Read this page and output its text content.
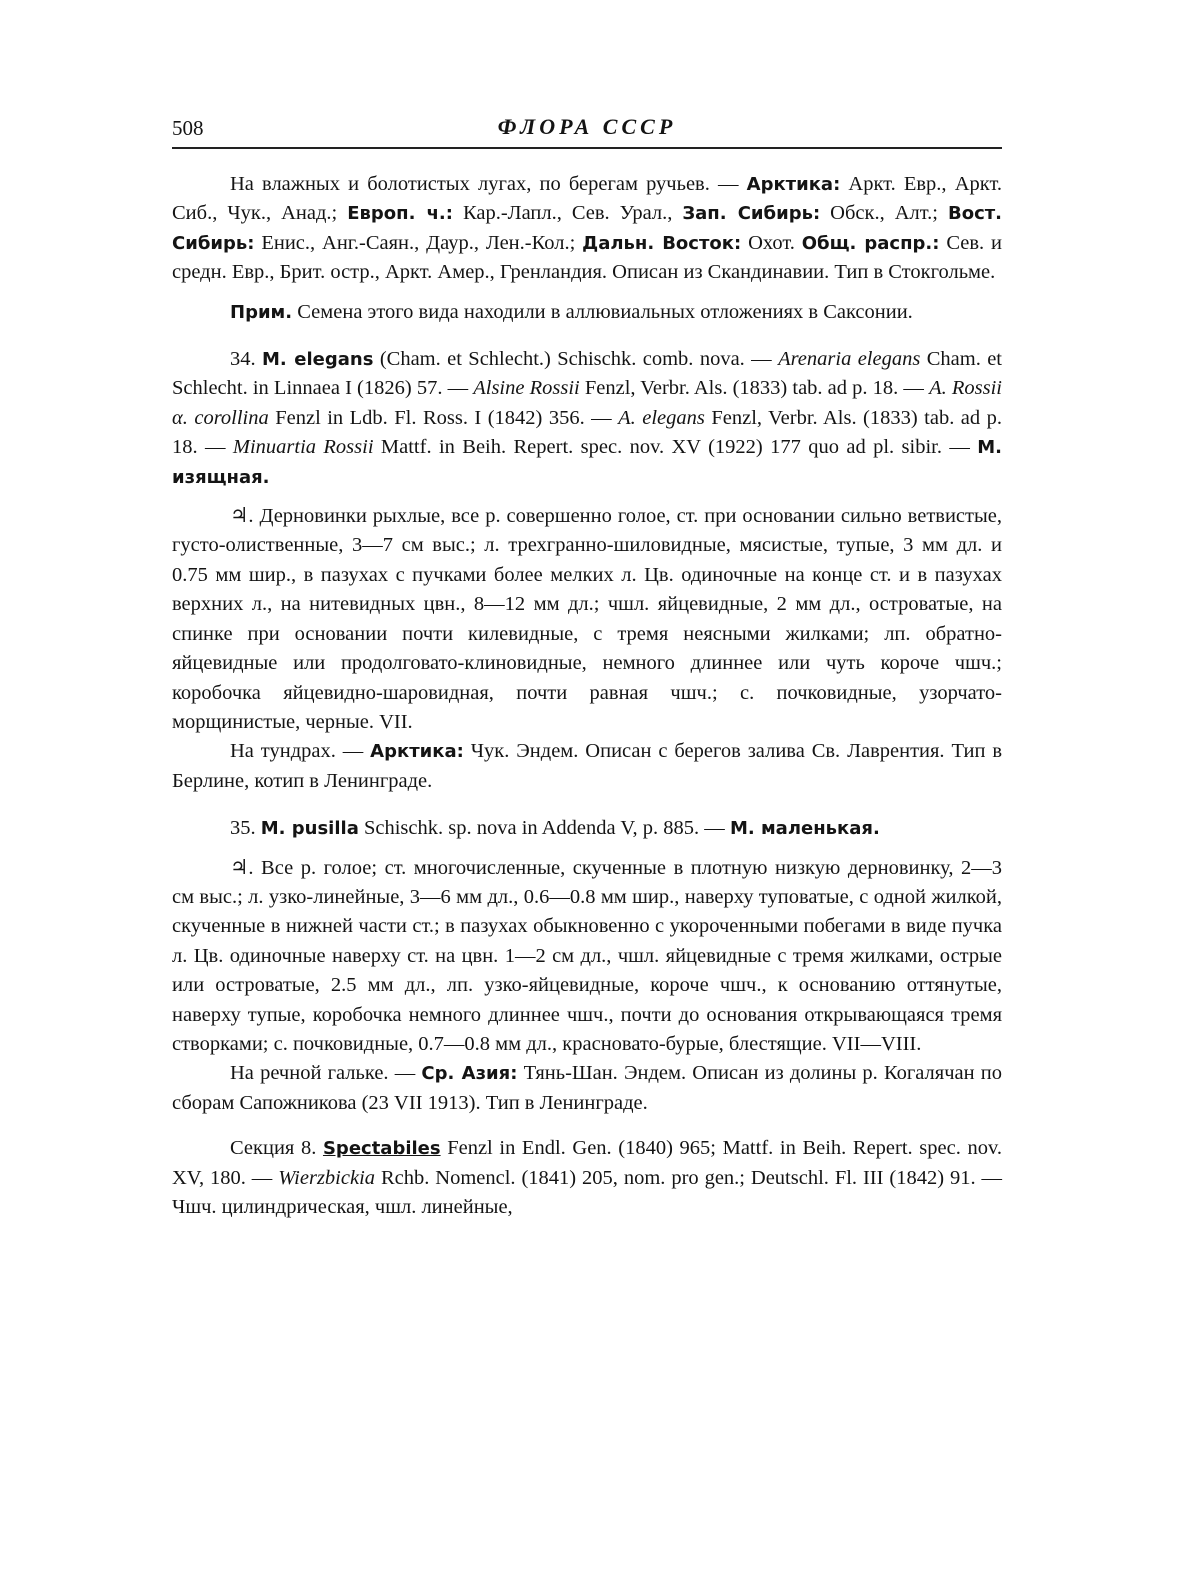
508	ФЛОРА СССР

На влажных и болотистых лугах, по берегам ручьев. — Арктика: Аркт. Евр., Аркт. Сиб., Чук., Анад.; Европ. ч.: Кар.-Лапл., Сев. Урал., Зап. Сибирь: Обск., Алт.; Вост. Сибирь: Енис., Анг.-Саян., Даур., Лен.-Кол.; Дальн. Восток: Охот. Общ. распр.: Сев. и средн. Евр., Брит. остр., Аркт. Амер., Гренландия. Описан из Скандинавии. Тип в Стокгольме.

Прим. Семена этого вида находили в аллювиальных отложениях в Саксонии.

34. M. elegans (Cham. et Schlecht.) Schischk. comb. nova. — Arenaria elegans Cham. et Schlecht. in Linnaea I (1826) 57. — Alsine Rossii Fenzl, Verbr. Als. (1833) tab. ad p. 18. — A. Rossii α. corollina Fenzl in Ldb. Fl. Ross. I (1842) 356. — A. elegans Fenzl, Verbr. Als. (1833) tab. ad p. 18. — Minuartia Rossii Mattf. in Beih. Repert. spec. nov. XV (1922) 177 quo ad pl. sibir. — M. изящная.

♃. Дерновинки рыхлые, все р. совершенно голое, ст. при основании сильно ветвистые, густо-олиственные, 3—7 см выс.; л. трехгранно-шиловидные, мясистые, тупые, 3 мм дл. и 0.75 мм шир., в пазухах с пучками более мелких л. Цв. одиночные на конце ст. и в пазухах верхних л., на нитевидных цвн., 8—12 мм дл.; чшл. яйцевидные, 2 мм дл., островатые, на спинке при основании почти килевидные, с тремя неясными жилками; лп. обратно-яйцевидные или продолговато-клиновидные, немного длиннее или чуть короче чшч.; коробочка яйцевидно-шаровидная, почти равная чшч.; с. почковидные, узорчато-морщинистые, черные. VII.

На тундрах. — Арктика: Чук. Эндем. Описан с берегов залива Св. Лаврентия. Тип в Берлине, котип в Ленинграде.

35. M. pusilla Schischk. sp. nova in Addenda V, p. 885. — M. маленькая.

♃. Все р. голое; ст. многочисленные, скученные в плотную низкую дерновинку, 2—3 см выс.; л. узко-линейные, 3—6 мм дл., 0.6—0.8 мм шир., наверху туповатые, с одной жилкой, скученные в нижней части ст.; в пазухах обыкновенно с укороченными побегами в виде пучка л. Цв. одиночные наверху ст. на цвн. 1—2 см дл., чшл. яйцевидные с тремя жилками, острые или островатые, 2.5 мм дл., лп. узко-яйцевидные, короче чшч., к основанию оттянутые, наверху тупые, коробочка немного длиннее чшч., почти до основания открывающаяся тремя створками; с. почковидные, 0.7—0.8 мм дл., красновато-бурые, блестящие. VII—VIII.

На речной гальке. — Ср. Азия: Тянь-Шан. Эндем. Описан из долины р. Когалячан по сборам Сапожникова (23 VII 1913). Тип в Ленинграде.

Секция 8. Spectabiles Fenzl in Endl. Gen. (1840) 965; Mattf. in Beih. Repert. spec. nov. XV, 180. — Wierzbickia Rchb. Nomencl. (1841) 205, nom. pro gen.; Deutschl. Fl. III (1842) 91. — Чшч. цилиндрическая, чшл. линейные,
